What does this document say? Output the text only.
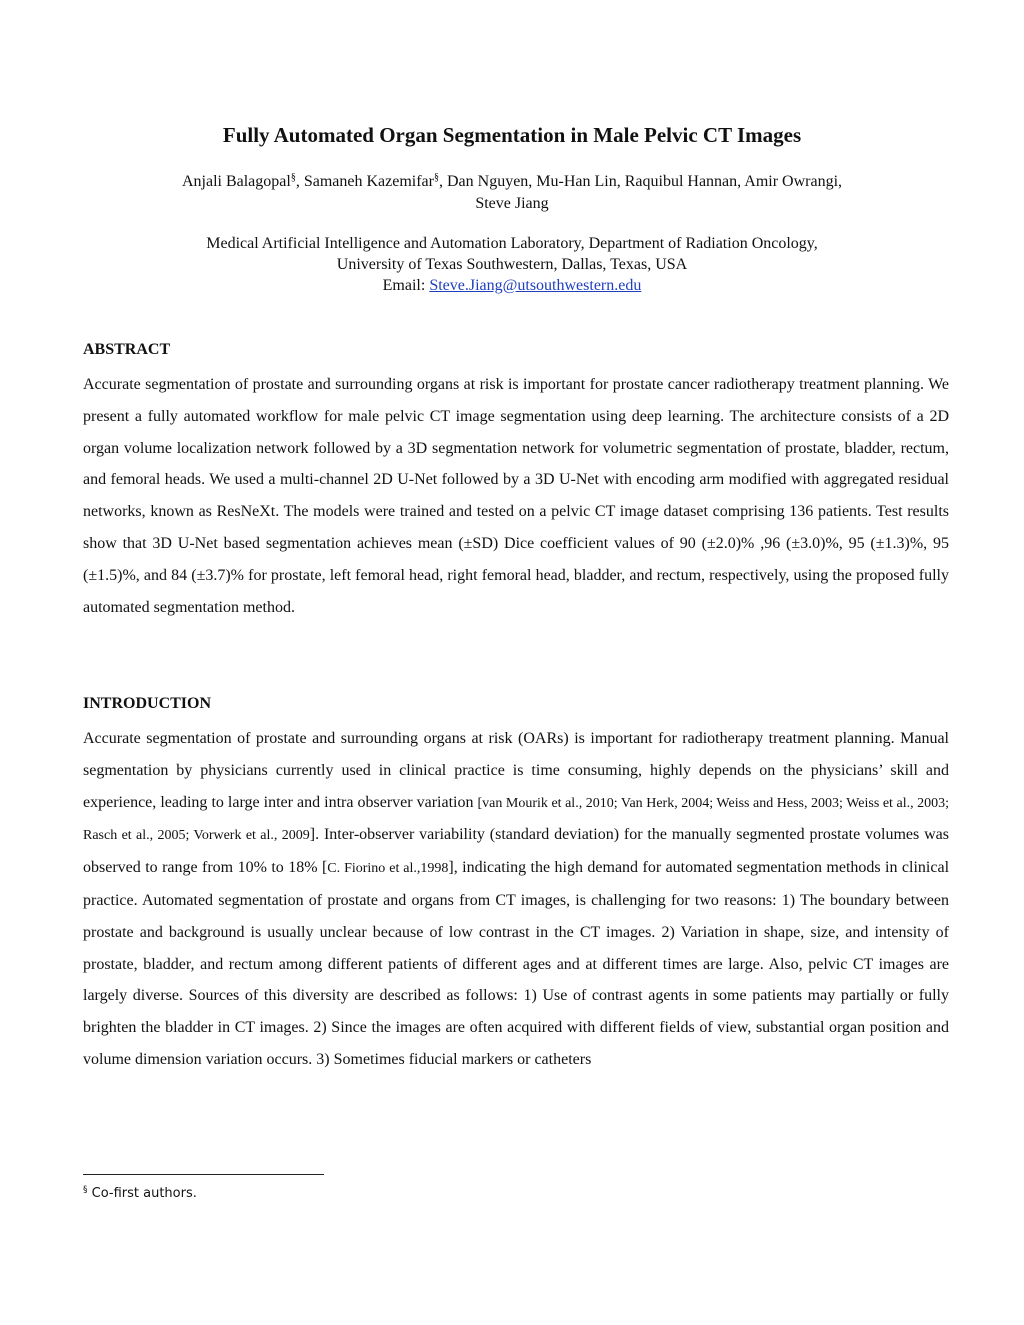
Fully Automated Organ Segmentation in Male Pelvic CT Images

Anjali Balagopal§, Samaneh Kazemifar§, Dan Nguyen, Mu-Han Lin, Raquibul Hannan, Amir Owrangi,
Steve Jiang

Medical Artificial Intelligence and Automation Laboratory, Department of Radiation Oncology,
University of Texas Southwestern, Dallas, Texas, USA
Email: Steve.Jiang@utsouthwestern.edu

ABSTRACT

Accurate segmentation of prostate and surrounding organs at risk is important for prostate cancer radiotherapy treatment planning. We present a fully automated workflow for male pelvic CT image segmentation using deep learning. The architecture consists of a 2D organ volume localization network followed by a 3D segmentation network for volumetric segmentation of prostate, bladder, rectum, and femoral heads. We used a multi-channel 2D U-Net followed by a 3D U-Net with encoding arm modified with aggregated residual networks, known as ResNeXt. The models were trained and tested on a pelvic CT image dataset comprising 136 patients. Test results show that 3D U-Net based segmentation achieves mean (±SD) Dice coefficient values of 90 (±2.0)% ,96 (±3.0)%, 95 (±1.3)%, 95 (±1.5)%, and 84 (±3.7)% for prostate, left femoral head, right femoral head, bladder, and rectum, respectively, using the proposed fully automated segmentation method.

INTRODUCTION

Accurate segmentation of prostate and surrounding organs at risk (OARs) is important for radiotherapy treatment planning. Manual segmentation by physicians currently used in clinical practice is time consuming, highly depends on the physicians’ skill and experience, leading to large inter and intra observer variation [van Mourik et al., 2010; Van Herk, 2004; Weiss and Hess, 2003; Weiss et al., 2003; Rasch et al., 2005; Vorwerk et al., 2009]. Inter-observer variability (standard deviation) for the manually segmented prostate volumes was observed to range from 10% to 18% [C. Fiorino et al.,1998], indicating the high demand for automated segmentation methods in clinical practice. Automated segmentation of prostate and organs from CT images, is challenging for two reasons: 1) The boundary between prostate and background is usually unclear because of low contrast in the CT images. 2) Variation in shape, size, and intensity of prostate, bladder, and rectum among different patients of different ages and at different times are large. Also, pelvic CT images are largely diverse. Sources of this diversity are described as follows: 1) Use of contrast agents in some patients may partially or fully brighten the bladder in CT images. 2) Since the images are often acquired with different fields of view, substantial organ position and volume dimension variation occurs. 3) Sometimes fiducial markers or catheters

§ Co-first authors.
